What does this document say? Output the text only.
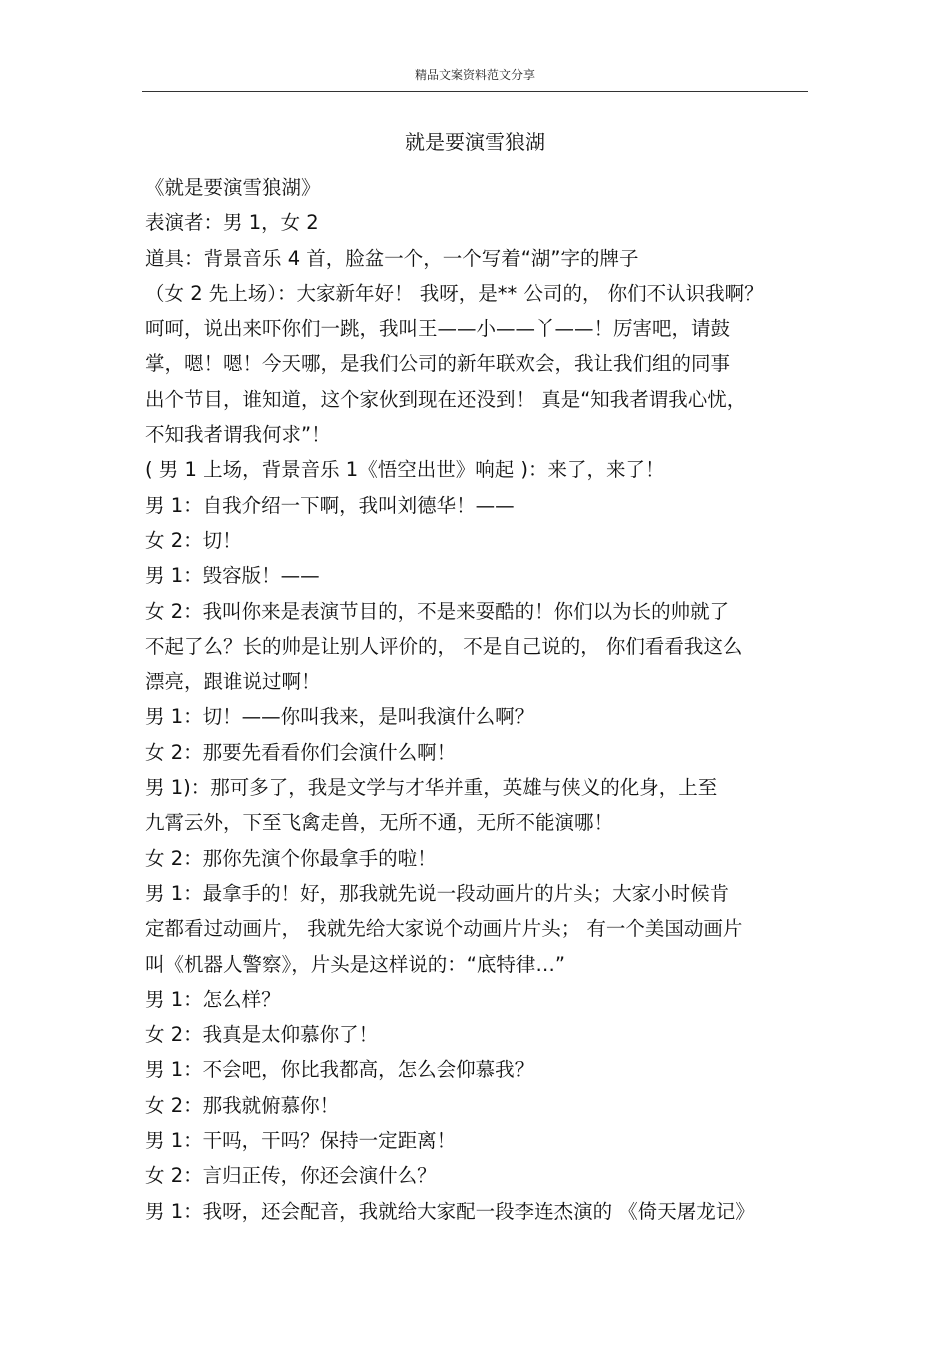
精品文案资料范文分享
就是要演雪狼湖
《就是要演雪狼湖》
表演者：男 1，女 2
道具：背景音乐 4 首，脸盆一个，一个写着“湖”字的牌子
（女 2 先上场）：大家新年好！ 我呀，是** 公司的， 你们不认识我啊？
呵呵，说出来吓你们一跳，我叫王——小——丫——！厉害吧，请鼓
掌，嗯！嗯！今天哪，是我们公司的新年联欢会，我让我们组的同事
出个节目，谁知道，这个家伙到现在还没到！ 真是“知我者谓我心忧，
不知我者谓我何求”！
( 男 1 上场，背景音乐 1《悟空出世》响起 )：来了，来了！
男 1：自我介绍一下啊，我叫刘德华！——
女 2：切！
男 1：毁容版！——
女 2：我叫你来是表演节目的，不是来耍酷的！你们以为长的帅就了
不起了么？长的帅是让别人评价的， 不是自己说的， 你们看看我这么
漂亮，跟谁说过啊！
男 1：切！——你叫我来，是叫我演什么啊？
女 2：那要先看看你们会演什么啊！
男 1)：那可多了，我是文学与才华并重，英雄与侠义的化身，上至
九霄云外，下至飞禽走兽，无所不通，无所不能演哪！
女 2：那你先演个你最拿手的啦！
男 1：最拿手的！好，那我就先说一段动画片的片头；大家小时候肯
定都看过动画片， 我就先给大家说个动画片片头； 有一个美国动画片
叫《机器人警察》，片头是这样说的：“底特律…”
男 1：怎么样？
女 2：我真是太仰慕你了！
男 1：不会吧，你比我都高，怎么会仰慕我？
女 2：那我就俯慕你！
男 1：干吗，干吗？保持一定距离！
女 2：言归正传，你还会演什么？
男 1：我呀，还会配音，我就给大家配一段李连杰演的 《倚天屠龙记》
